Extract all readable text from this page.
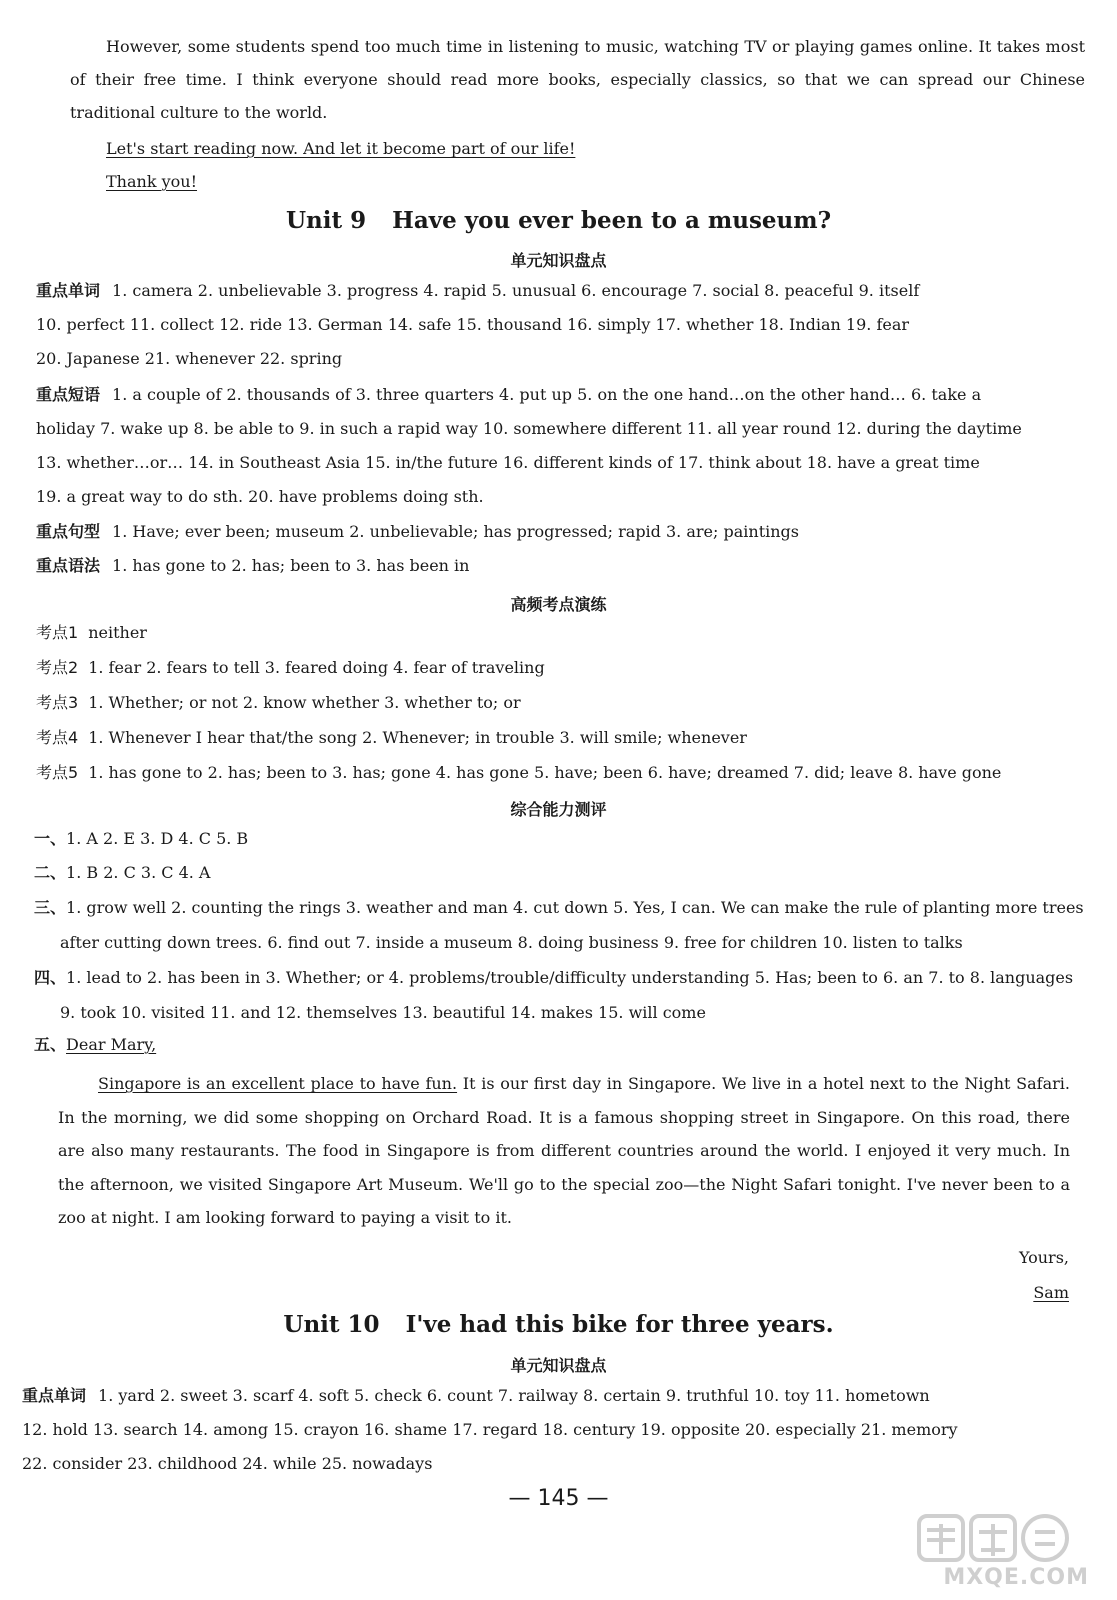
However, some students spend too much time in listening to music, watching TV or playing games online. It takes most of their free time. I think everyone should read more books, especially classics, so that we can spread our Chinese traditional culture to the world.
Let's start reading now. And let it become part of our life!
Thank you!
Unit 9 Have you ever been to a museum?
单元知识盘点
重点单词 1. camera 2. unbelievable 3. progress 4. rapid 5. unusual 6. encourage 7. social 8. peaceful 9. itself
10. perfect 11. collect 12. ride 13. German 14. safe 15. thousand 16. simply 17. whether 18. Indian 19. fear
20. Japanese 21. whenever 22. spring
重点短语 1. a couple of 2. thousands of 3. three quarters 4. put up 5. on the one hand…on the other hand… 6. take a
holiday 7. wake up 8. be able to 9. in such a rapid way 10. somewhere different 11. all year round 12. during the daytime
13. whether…or… 14. in Southeast Asia 15. in/the future 16. different kinds of 17. think about 18. have a great time
19. a great way to do sth. 20. have problems doing sth.
重点句型 1. Have; ever been; museum 2. unbelievable; has progressed; rapid 3. are; paintings
重点语法 1. has gone to 2. has; been to 3. has been in
高频考点演练
考点1 neither
考点2 1. fear 2. fears to tell 3. feared doing 4. fear of traveling
考点3 1. Whether; or not 2. know whether 3. whether to; or
考点4 1. Whenever I hear that/the song 2. Whenever; in trouble 3. will smile; whenever
考点5 1. has gone to 2. has; been to 3. has; gone 4. has gone 5. have; been 6. have; dreamed 7. did; leave 8. have gone
综合能力测评
一、1. A 2. E 3. D 4. C 5. B
二、1. B 2. C 3. C 4. A
三、1. grow well 2. counting the rings 3. weather and man 4. cut down 5. Yes, I can. We can make the rule of planting more trees
after cutting down trees. 6. find out 7. inside a museum 8. doing business 9. free for children 10. listen to talks
四、1. lead to 2. has been in 3. Whether; or 4. problems/trouble/difficulty understanding 5. Has; been to 6. an 7. to 8. languages
9. took 10. visited 11. and 12. themselves 13. beautiful 14. makes 15. will come
五、Dear Mary,
Singapore is an excellent place to have fun. It is our first day in Singapore. We live in a hotel next to the Night Safari. In the morning, we did some shopping on Orchard Road. It is a famous shopping street in Singapore. On this road, there are also many restaurants. The food in Singapore is from different countries around the world. I enjoyed it very much. In the afternoon, we visited Singapore Art Museum. We'll go to the special zoo—the Night Safari tonight. I've never been to a zoo at night. I am looking forward to paying a visit to it.
Yours,
Sam
Unit 10 I've had this bike for three years.
单元知识盘点
重点单词 1. yard 2. sweet 3. scarf 4. soft 5. check 6. count 7. railway 8. certain 9. truthful 10. toy 11. hometown
12. hold 13. search 14. among 15. crayon 16. shame 17. regard 18. century 19. opposite 20. especially 21. memory
22. consider 23. childhood 24. while 25. nowadays
— 145 —
MXQE.COM
